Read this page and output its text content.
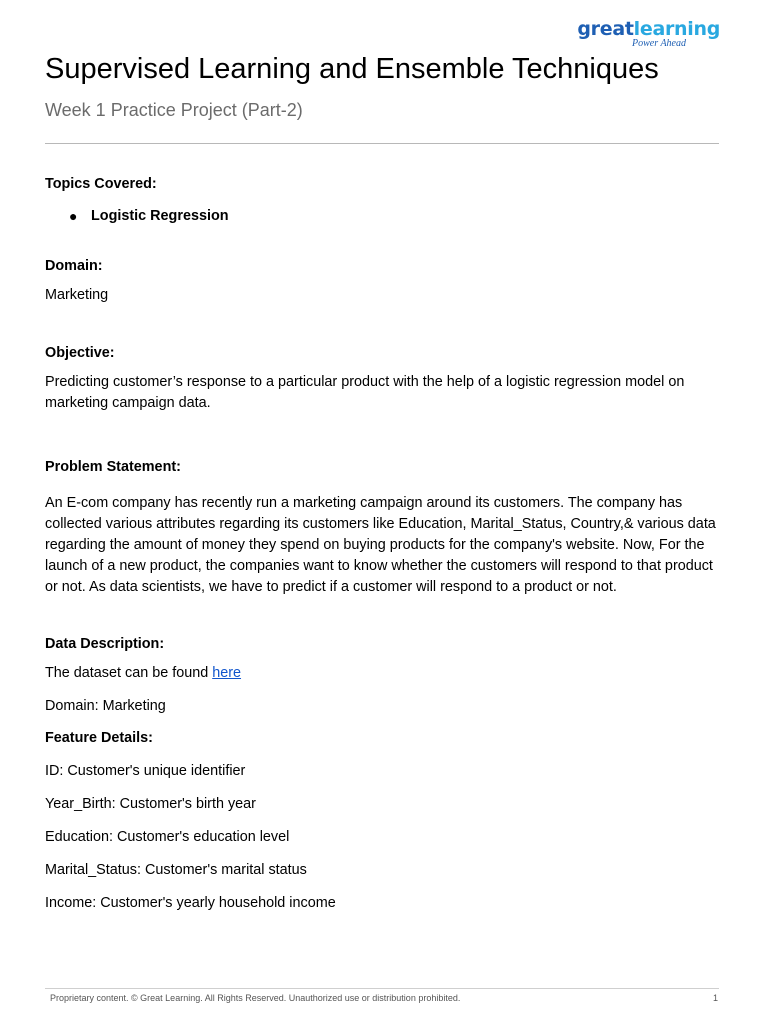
greatlearning
Power Ahead
Supervised Learning and Ensemble Techniques
Week 1 Practice Project (Part-2)

Topics Covered:

● Logistic Regression

Domain:

Marketing

Objective:

Predicting customer’s response to a particular product with the help of a logistic regression model on marketing campaign data.

Problem Statement:

An E-com company has recently run a marketing campaign around its customers. The company has collected various attributes regarding its customers like Education, Marital_Status, Country,& various data regarding the amount of money they spend on buying products for the company's website. Now, For the launch of a new product, the companies want to know whether the customers will respond to that product or not. As data scientists, we have to predict if a customer will respond to a product or not.

Data Description:

The dataset can be found here

Domain: Marketing

Feature Details:

ID: Customer's unique identifier

Year_Birth: Customer's birth year

Education: Customer's education level

Marital_Status: Customer's marital status

Income: Customer's yearly household income

Proprietary content. © Great Learning. All Rights Reserved. Unauthorized use or distribution prohibited.	1
